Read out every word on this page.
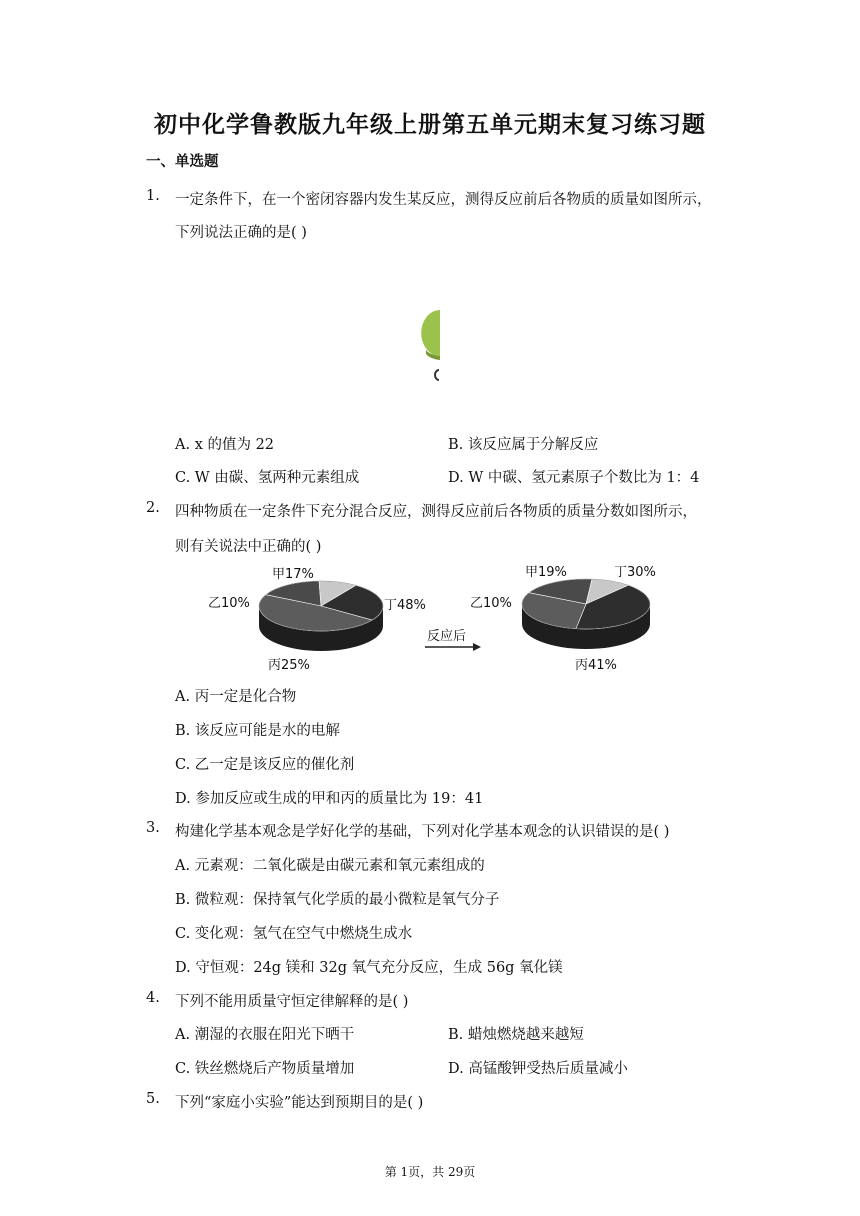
初中化学鲁教版九年级上册第五单元期末复习练习题
一、单选题
1. 一定条件下，在一个密闭容器内发生某反应，测得反应前后各物质的质量如图所示，
下列说法正确的是( )
A. x 的值为 22	B. 该反应属于分解反应
C. W 由碳、氢两种元素组成	D. W 中碳、氢元素原子个数比为 1：4
2. 四种物质在一定条件下充分混合反应，测得反应前后各物质的质量分数如图所示，
则有关说法中正确的( )
反应后
乙10%
甲17%
丁48%
丙25%
乙10%
甲19%	丁30%
丙41%
A. 丙一定是化合物
B. 该反应可能是水的电解
C. 乙一定是该反应的催化剂
D. 参加反应或生成的甲和丙的质量比为 19：41
3. 构建化学基本观念是学好化学的基础，下列对化学基本观念的认识错误的是( )
A. 元素观：二氧化碳是由碳元素和氧元素组成的
B. 微粒观：保持氧气化学质的最小微粒是氧气分子
C. 变化观：氢气在空气中燃烧生成水
D. 守恒观：24g 镁和 32g 氧气充分反应，生成 56g 氧化镁
4. 下列不能用质量守恒定律解释的是( )
A. 潮湿的衣服在阳光下晒干	B. 蜡烛燃烧越来越短
C. 铁丝燃烧后产物质量增加	D. 高锰酸钾受热后质量减小
5. 下列“家庭小实验”能达到预期目的是( )
第 1页，共 29页
